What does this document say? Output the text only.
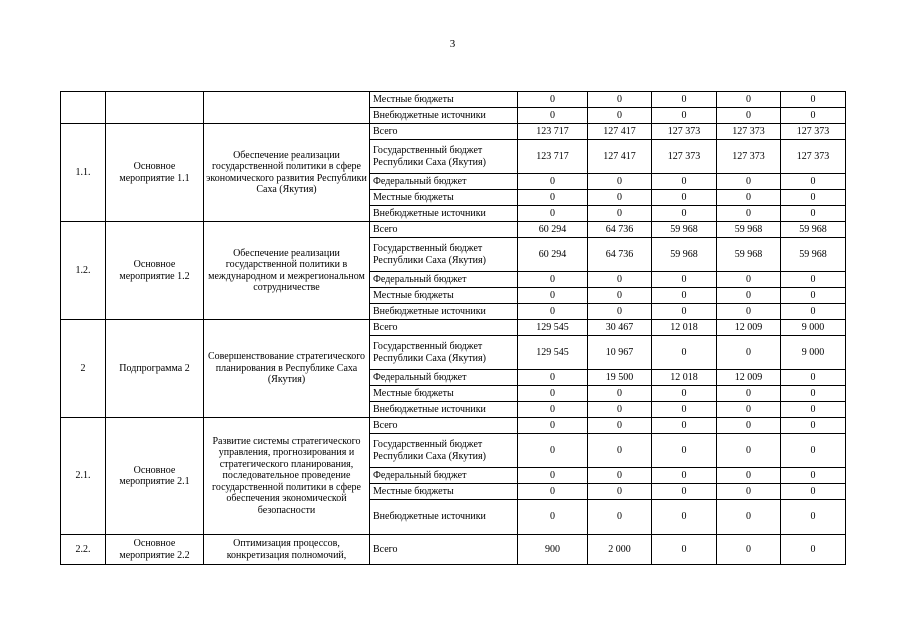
3
			Местные бюджеты	0	0	0	0	0
			Внебюджетные источники	0	0	0	0	0
1.1.	Основное мероприятие 1.1	Обеспечение реализации государственной политики в сфере экономического развития Республики Саха (Якутия)	Всего	123 717	127 417	127 373	127 373	127 373
			Государственный бюджет Республики Саха (Якутия)	123 717	127 417	127 373	127 373	127 373
			Федеральный бюджет	0	0	0	0	0
			Местные бюджеты	0	0	0	0	0
			Внебюджетные источники	0	0	0	0	0
1.2.	Основное мероприятие 1.2	Обеспечение реализации государственной политики в международном и межрегиональном сотрудничестве	Всего	60 294	64 736	59 968	59 968	59 968
			Государственный бюджет Республики Саха (Якутия)	60 294	64 736	59 968	59 968	59 968
			Федеральный бюджет	0	0	0	0	0
			Местные бюджеты	0	0	0	0	0
			Внебюджетные источники	0	0	0	0	0
2	Подпрограмма 2	Совершенствование стратегического планирования в Республике Саха (Якутия)	Всего	129 545	30 467	12 018	12 009	9 000
			Государственный бюджет Республики Саха (Якутия)	129 545	10 967	0	0	9 000
			Федеральный бюджет	0	19 500	12 018	12 009	0
			Местные бюджеты	0	0	0	0	0
			Внебюджетные источники	0	0	0	0	0
2.1.	Основное мероприятие 2.1	Развитие системы стратегического управления, прогнозирования и стратегического планирования, последовательное проведение государственной политики в сфере обеспечения экономической безопасности	Всего	0	0	0	0	0
			Государственный бюджет Республики Саха (Якутия)	0	0	0	0	0
			Федеральный бюджет	0	0	0	0	0
			Местные бюджеты	0	0	0	0	0
			Внебюджетные источники	0	0	0	0	0
2.2.	Основное мероприятие 2.2	Оптимизация процессов, конкретизация полномочий,	Всего	900	2 000	0	0	0
